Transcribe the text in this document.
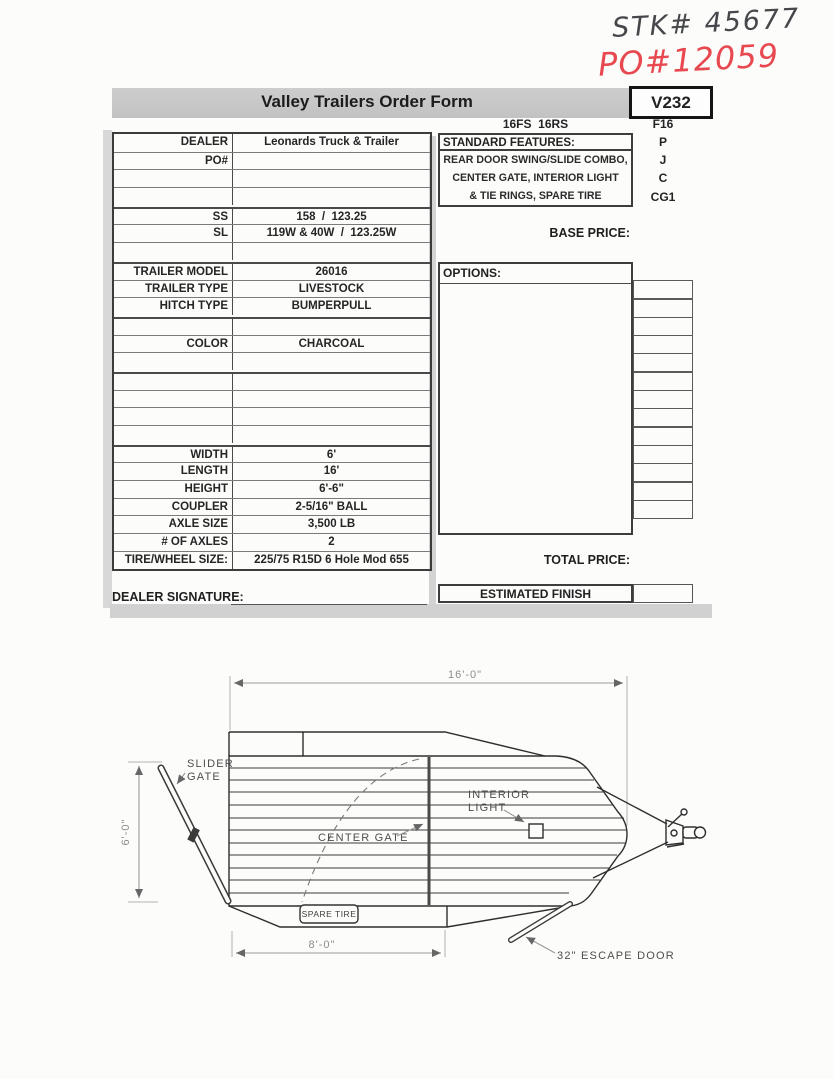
STK# 45677
PO#12059
Valley Trailers Order Form	V232
16FS  16RS	F16
DEALER	Leonards Truck & Trailer
PO#
SS	158  /  123.25
SL	119W & 40W  /  123.25W
TRAILER MODEL	26016
TRAILER TYPE	LIVESTOCK
HITCH TYPE	BUMPERPULL
COLOR	CHARCOAL
WIDTH	6'
LENGTH	16'
HEIGHT	6'-6"
COUPLER	2-5/16" BALL
AXLE SIZE	3,500 LB
# OF AXLES	2
TIRE/WHEEL SIZE:	225/75 R15D 6 Hole Mod 655
DEALER SIGNATURE:
STANDARD FEATURES:
REAR DOOR SWING/SLIDE COMBO,
CENTER GATE, INTERIOR LIGHT
& TIE RINGS, SPARE TIRE
P
J
C
CG1
BASE PRICE:
OPTIONS:
TOTAL PRICE:
ESTIMATED FINISH
16'-0"
6'-0"
INTERIOR
LIGHT
CENTER GATE
SPARE TIRE
SLIDER
GATE
8'-0"
32" ESCAPE DOOR
